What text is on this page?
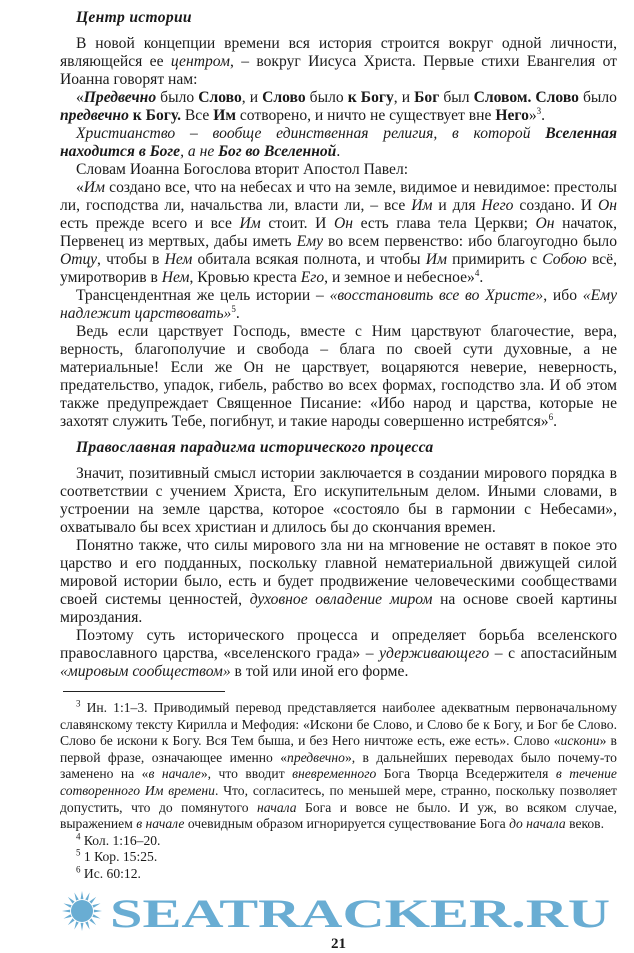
Центр истории

В новой концепции времени вся история строится вокруг одной личности, являющейся ее центром, – вокруг Иисуса Христа. Первые стихи Евангелия от Иоанна говорят нам:

«Предвечно было Слово, и Слово было к Богу, и Бог был Словом. Слово было предвечно к Богу. Все Им сотворено, и ничто не существует вне Него»$^3$.

Христианство – вообще единственная религия, в которой Вселенная находится в Боге, а не Бог во Вселенной.

Словам Иоанна Богослова вторит Апостол Павел:

«Им создано все, что на небесах и что на земле, видимое и невидимое: престолы ли, господства ли, начальства ли, власти ли, – все Им и для Него создано. И Он есть прежде всего и все Им стоит. И Он есть глава тела Церкви; Он начаток, Первенец из мертвых, дабы иметь Ему во всем первенство: ибо благоугодно было Отцу, чтобы в Нем обитала всякая полнота, и чтобы Им примирить с Собою всё, умиротворив в Нем, Кровью креста Его, и земное и небесное»$^4$.

Трансцендентная же цель истории – «восстановить все во Христе», ибо «Ему надлежит царствовать»$^5$.

Ведь если царствует Господь, вместе с Ним царствуют благочестие, вера, верность, благополучие и свобода – блага по своей сути духовные, а не материальные! Если же Он не царствует, воцаряются неверие, неверность, предательство, упадок, гибель, рабство во всех формах, господство зла. И об этом также предупреждает Священное Писание: «Ибо народ и царства, которые не захотят служить Тебе, погибнут, и такие народы совершенно истребятся»$^6$.

Православная парадигма исторического процесса

Значит, позитивный смысл истории заключается в создании мирового порядка в соответствии с учением Христа, Его искупительным делом. Иными словами, в устроении на земле царства, которое «состояло бы в гармонии с Небесами», охватывало бы всех христиан и длилось бы до скончания времен.

Понятно также, что силы мирового зла ни на мгновение не оставят в покое это царство и его подданных, поскольку главной нематериальной движущей силой мировой истории было, есть и будет продвижение человеческими сообществами своей системы ценностей, духовное овладение миром на основе своей картины мироздания.

Поэтому суть исторического процесса и определяет борьба вселенского православного царства, «вселенского града» – удерживающего – с апостасийным «мировым сообществом» в той или иной его форме.

$^3$ Ин. 1:1–3. Приводимый перевод представляется наиболее адекватным первоначальному славянскому тексту Кирилла и Мефодия: «Искони бе Слово, и Слово бе к Богу, и Бог бе Слово. Слово бе искони к Богу. Вся Тем быша, и без Него ничтоже есть, еже есть». Слово «искони» в первой фразе, означающее именно «предвечно», в дальнейших переводах было почему-то заменено на «в начале», что вводит вневременного Бога Творца Вседержителя в течение сотворенного Им времени. Что, согласитесь, по меньшей мере, странно, поскольку позволяет допустить, что до помянутого начала Бога и вовсе не было. И уж, во всяком случае, выражением в начале очевидным образом игнорируется существование Бога до начала веков.

$^4$ Кол. 1:16–20.

$^5$ 1 Кор. 15:25.

$^6$ Ис. 60:12.

SEATRACKER.RU
21
